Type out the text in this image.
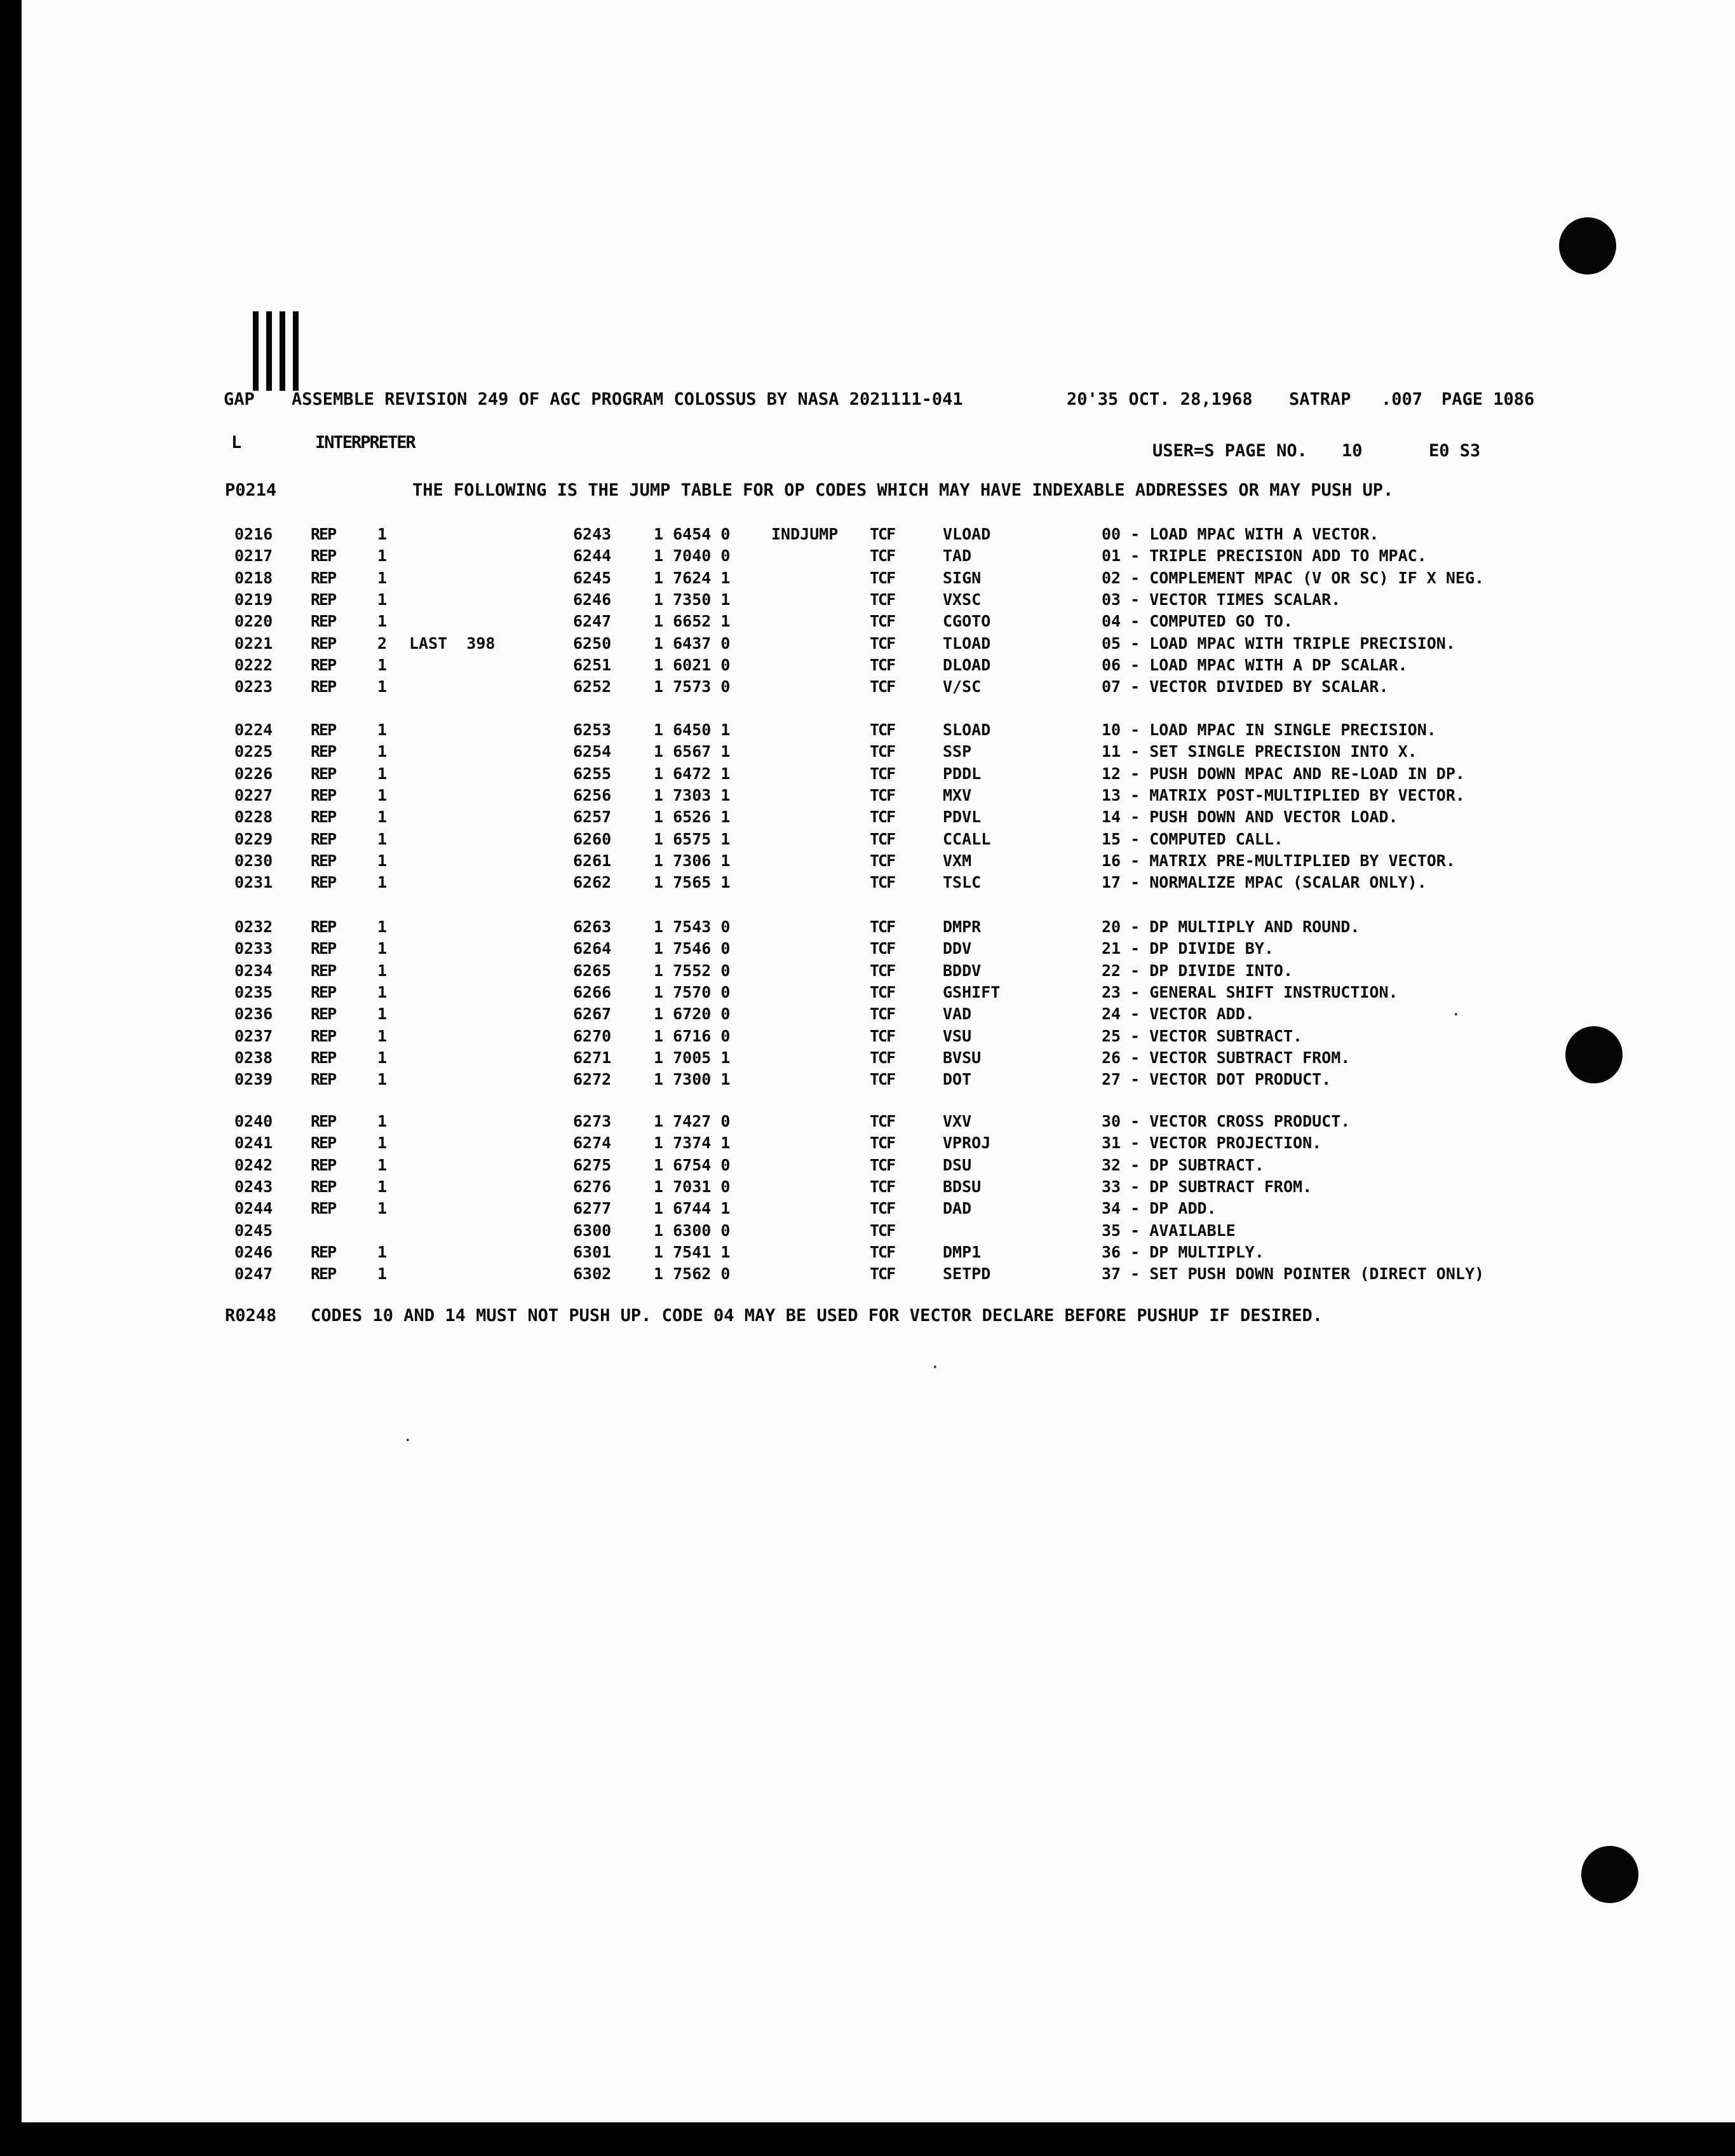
GAP ASSEMBLE REVISION 249 OF AGC PROGRAM COLOSSUS BY NASA 2021111-041	20'35 OCT. 28,1968 SATRAP .007 PAGE 1086
L	INTERPRETER	USER=S PAGE NO. 10	E0 S3
P0214	THE FOLLOWING IS THE JUMP TABLE FOR OP CODES WHICH MAY HAVE INDEXABLE ADDRESSES OR MAY PUSH UP.
0216 REP	1	6243	1 6454 0	INDJUMP TCF	VLOAD	00 - LOAD MPAC WITH A VECTOR.
0217 REP	1	6244	1 7040 0	TCF	TAD	01 - TRIPLE PRECISION ADD TO MPAC.
0218 REP	1	6245	1 7624 1	TCF	SIGN	02 - COMPLEMENT MPAC (V OR SC) IF X NEG.
0219 REP	1	6246	1 7350 1	TCF	VXSC	03 - VECTOR TIMES SCALAR.
0220 REP	1	6247	1 6652 1	TCF	CGOTO	04 - COMPUTED GO TO.
0221 REP	2 LAST  398	6250	1 6437 0	TCF	TLOAD	05 - LOAD MPAC WITH TRIPLE PRECISION.
0222 REP	1	6251	1 6021 0	TCF	DLOAD	06 - LOAD MPAC WITH A DP SCALAR.
0223 REP	1	6252	1 7573 0	TCF	V/SC	07 - VECTOR DIVIDED BY SCALAR.
0224 REP	1	6253	1 6450 1	TCF	SLOAD	10 - LOAD MPAC IN SINGLE PRECISION.
0225 REP	1	6254	1 6567 1	TCF	SSP	11 - SET SINGLE PRECISION INTO X.
0226 REP	1	6255	1 6472 1	TCF	PDDL	12 - PUSH DOWN MPAC AND RE-LOAD IN DP.
0227 REP	1	6256	1 7303 1	TCF	MXV	13 - MATRIX POST-MULTIPLIED BY VECTOR.
0228 REP	1	6257	1 6526 1	TCF	PDVL	14 - PUSH DOWN AND VECTOR LOAD.
0229 REP	1	6260	1 6575 1	TCF	CCALL	15 - COMPUTED CALL.
0230 REP	1	6261	1 7306 1	TCF	VXM	16 - MATRIX PRE-MULTIPLIED BY VECTOR.
0231 REP	1	6262	1 7565 1	TCF	TSLC	17 - NORMALIZE MPAC (SCALAR ONLY).
0232 REP	1	6263	1 7543 0	TCF	DMPR	20 - DP MULTIPLY AND ROUND.
0233 REP	1	6264	1 7546 0	TCF	DDV	21 - DP DIVIDE BY.
0234 REP	1	6265	1 7552 0	TCF	BDDV	22 - DP DIVIDE INTO.
0235 REP	1	6266	1 7570 0	TCF	GSHIFT	23 - GENERAL SHIFT INSTRUCTION.
0236 REP	1	6267	1 6720 0	TCF	VAD	24 - VECTOR ADD.
0237 REP	1	6270	1 6716 0	TCF	VSU	25 - VECTOR SUBTRACT.
0238 REP	1	6271	1 7005 1	TCF	BVSU	26 - VECTOR SUBTRACT FROM.
0239 REP	1	6272	1 7300 1	TCF	DOT	27 - VECTOR DOT PRODUCT.
0240 REP	1	6273	1 7427 0	TCF	VXV	30 - VECTOR CROSS PRODUCT.
0241 REP	1	6274	1 7374 1	TCF	VPROJ	31 - VECTOR PROJECTION.
0242 REP	1	6275	1 6754 0	TCF	DSU	32 - DP SUBTRACT.
0243 REP	1	6276	1 7031 0	TCF	BDSU	33 - DP SUBTRACT FROM.
0244 REP	1	6277	1 6744 1	TCF	DAD	34 - DP ADD.
0245	6300	1 6300 0	TCF	35 - AVAILABLE
0246 REP	1	6301	1 7541 1	TCF	DMP1	36 - DP MULTIPLY.
0247 REP	1	6302	1 7562 0	TCF	SETPD	37 - SET PUSH DOWN POINTER (DIRECT ONLY)
R0248 CODES 10 AND 14 MUST NOT PUSH UP. CODE 04 MAY BE USED FOR VECTOR DECLARE BEFORE PUSHUP IF DESIRED.
.
.
.
